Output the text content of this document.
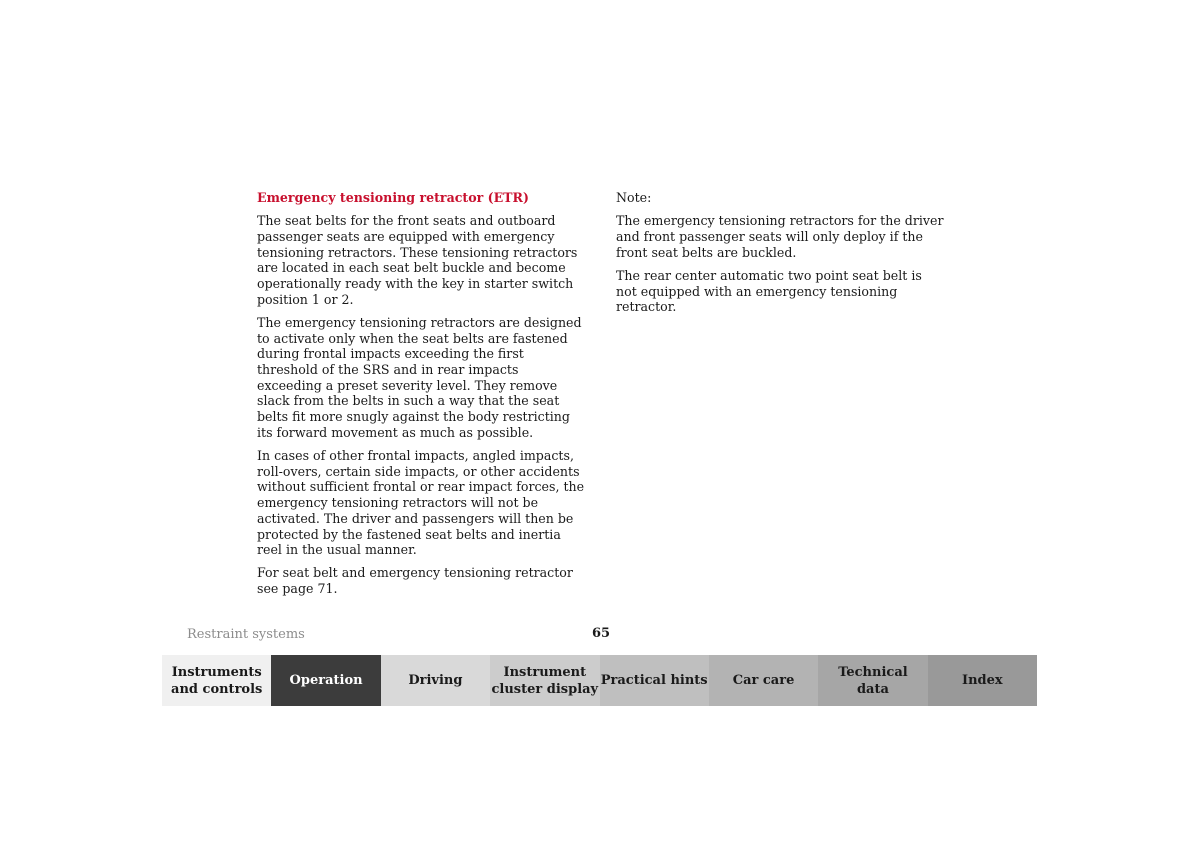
Emergency tensioning retractor (ETR)

The seat belts for the front seats and outboard passenger seats are equipped with emergency tensioning retractors. These tensioning retractors are located in each seat belt buckle and become operationally ready with the key in starter switch position 1 or 2.

The emergency tensioning retractors are designed to activate only when the seat belts are fastened during frontal impacts exceeding the first threshold of the SRS and in rear impacts exceeding a preset severity level. They remove slack from the belts in such a way that the seat belts fit more snugly against the body restricting its forward movement as much as possible.

In cases of other frontal impacts, angled impacts, roll-overs, certain side impacts, or other accidents without sufficient frontal or rear impact forces, the emergency tensioning retractors will not be activated. The driver and passengers will then be protected by the fastened seat belts and inertia reel in the usual manner.

For seat belt and emergency tensioning retractor see page 71.

Note:

The emergency tensioning retractors for the driver and front passenger seats will only deploy if the front seat belts are buckled.

The rear center automatic two point seat belt is not equipped with an emergency tensioning retractor.

Restraint systems	65
Instruments
and controls
Operation	Driving
Instrument
cluster display
Practical hints	Car care
Technical
data
Index
